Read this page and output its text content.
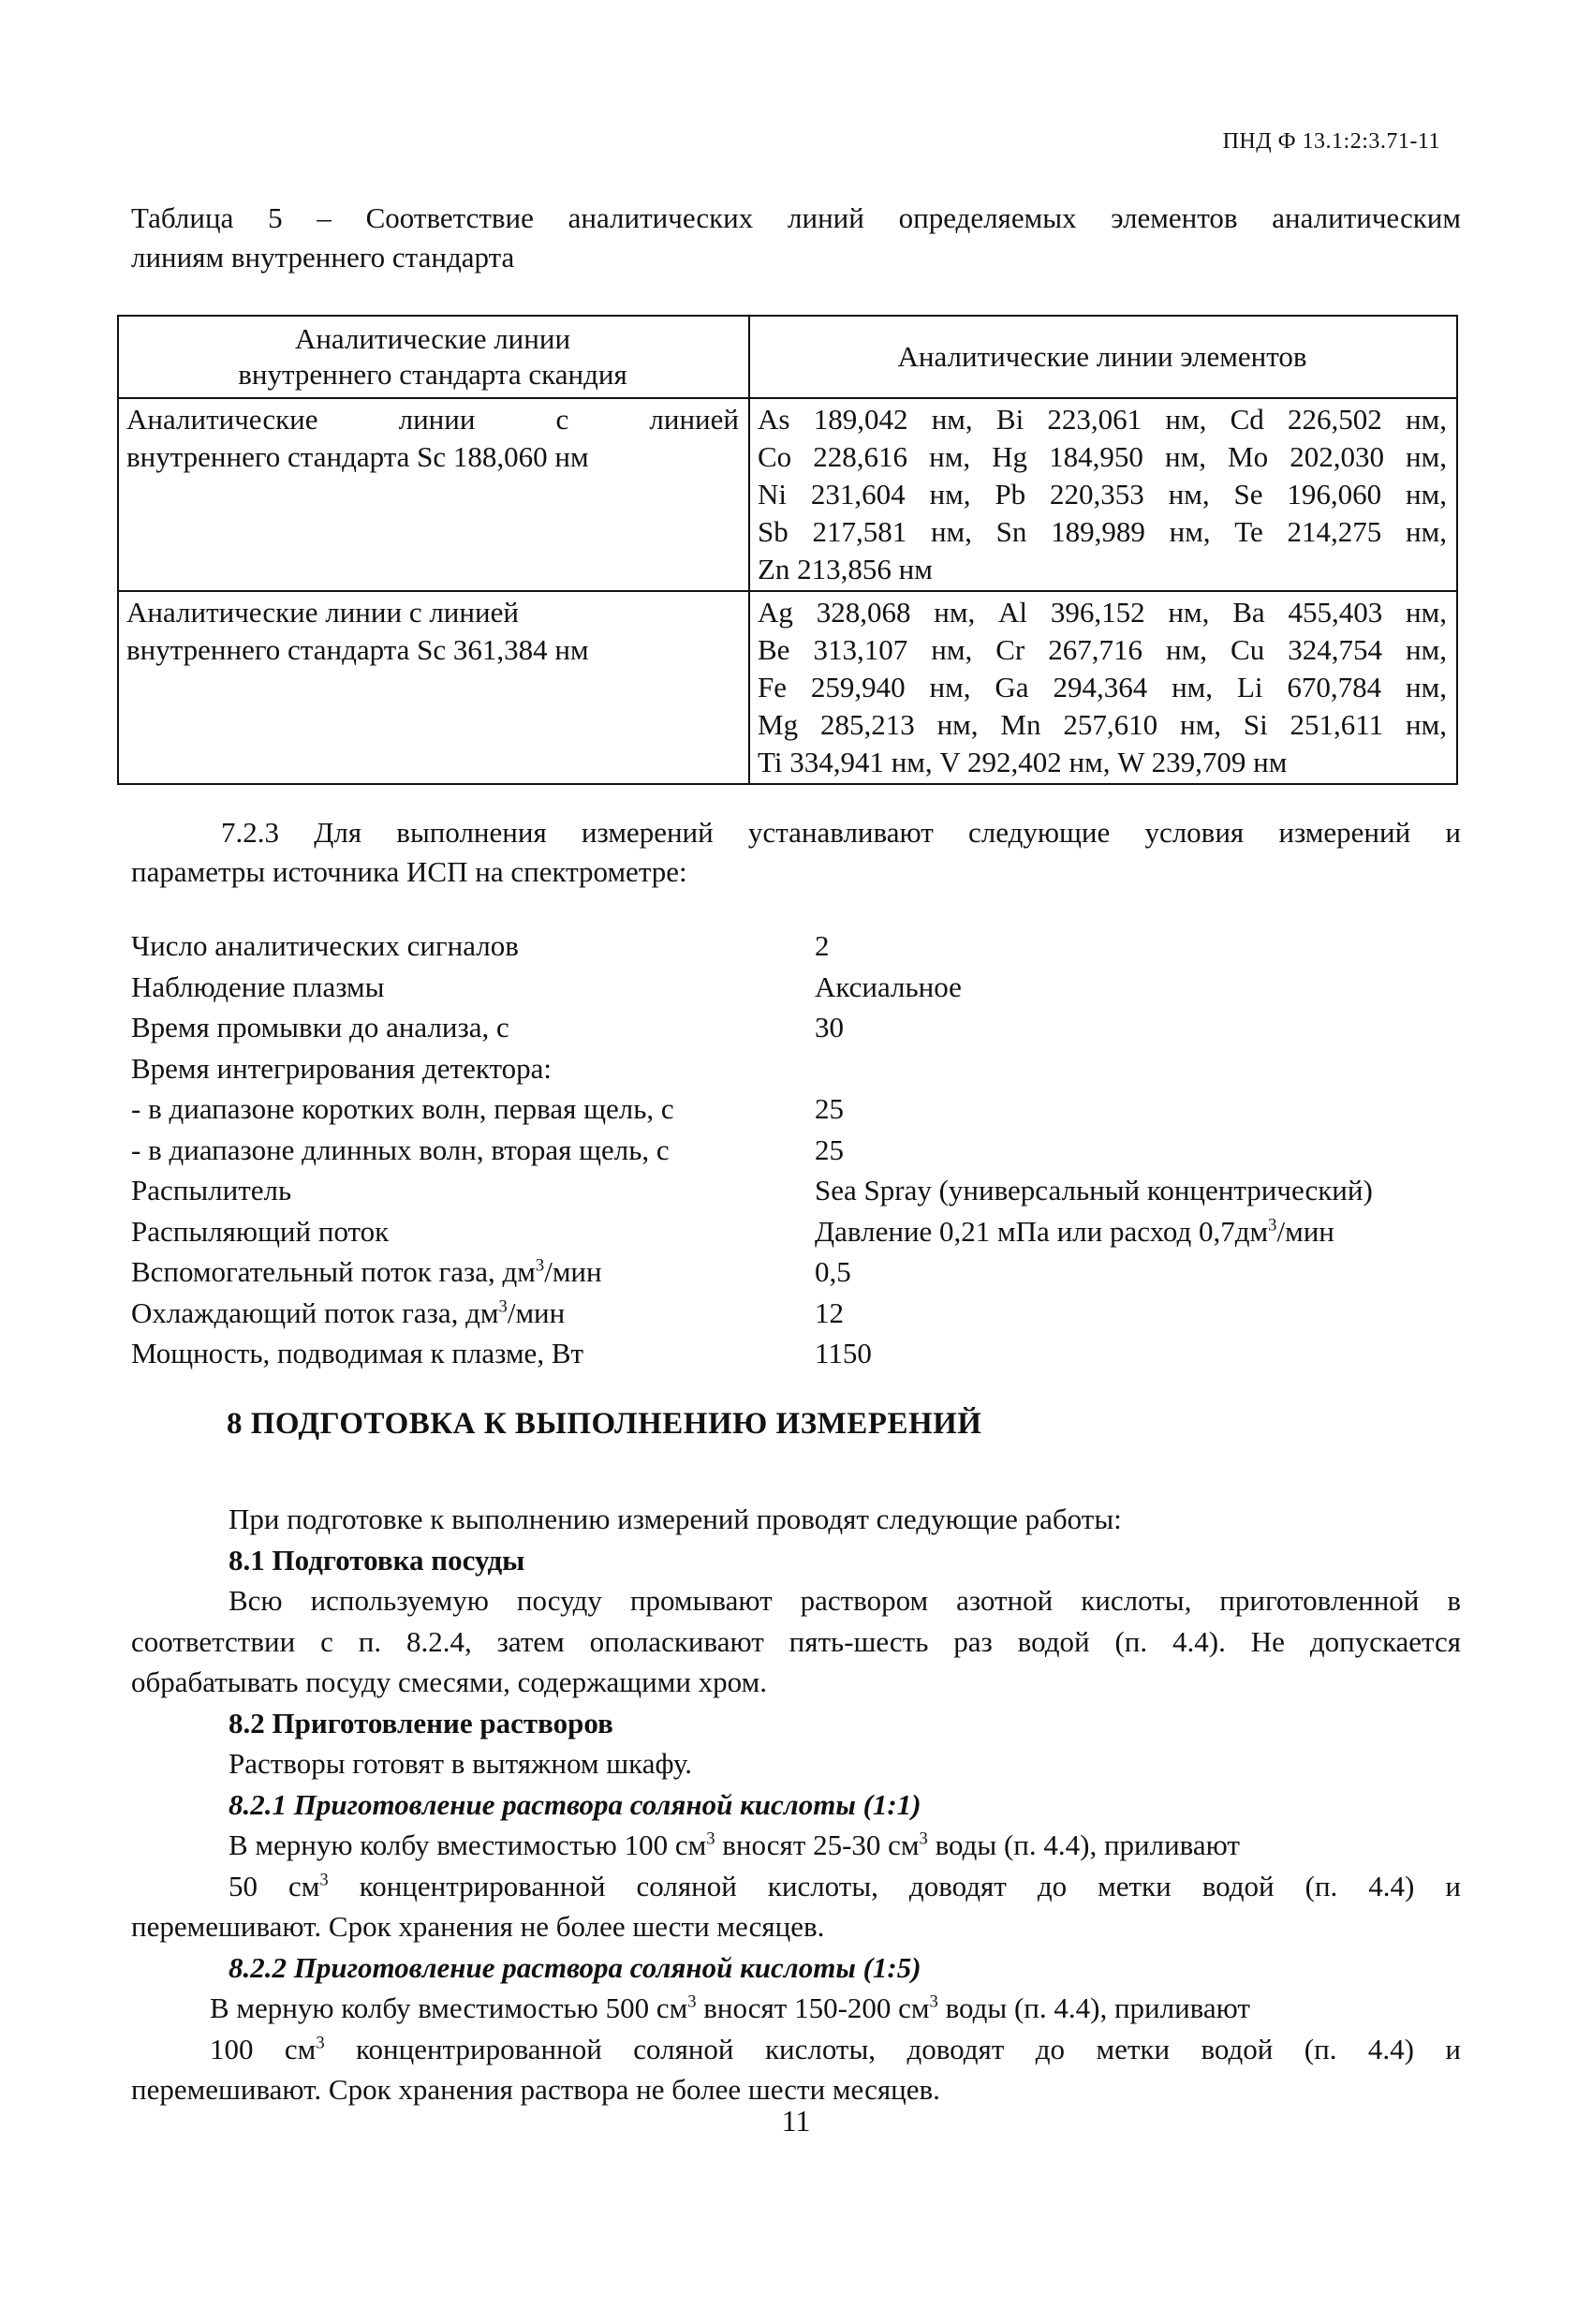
ПНД Ф 13.1:2:3.71-11
Таблица 5 – Соответствие аналитических линий определяемых элементов аналитическим
линиям внутреннего стандарта
Аналитические линии
внутреннего стандарта скандия	Аналитические линии элементов

Аналитические линии с линией
внутреннего стандарта Sc 188,060 нм	As 189,042 нм, Bi 223,061 нм, Cd 226,502 нм,
Co 228,616 нм, Hg 184,950 нм, Mo 202,030 нм,
Ni 231,604 нм, Pb 220,353 нм, Se 196,060 нм,
Sb 217,581 нм, Sn 189,989 нм, Te 214,275 нм,
Zn 213,856 нм

Аналитические линии с линией
внутреннего стандарта Sc 361,384 нм	Ag 328,068 нм, Al 396,152 нм, Ba 455,403 нм,
Be 313,107 нм, Cr 267,716 нм, Cu 324,754 нм,
Fe 259,940 нм, Ga 294,364 нм, Li 670,784 нм,
Mg 285,213 нм, Mn 257,610 нм, Si 251,611 нм,
Ti 334,941 нм, V 292,402 нм, W 239,709 нм
7.2.3 Для выполнения измерений устанавливают следующие условия измерений и
параметры источника ИСП на спектрометре:
Число аналитических сигналов	2
Наблюдение плазмы	Аксиальное
Время промывки до анализа, с	30
Время интегрирования детектора:
- в диапазоне коротких волн, первая щель, с	25
- в диапазоне длинных волн, вторая щель, с	25
Распылитель	Sea Spray (универсальный концентрический)
Распыляющий поток	Давление 0,21 мПа или расход $0,7дм^3$/мин
Вспомогательный поток газа, $дм^3$/мин	0,5
Охлаждающий поток газа, $дм^3$/мин	12
Мощность, подводимая к плазме, Вт	1150
8 ПОДГОТОВКА К ВЫПОЛНЕНИЮ ИЗМЕРЕНИЙ
При подготовке к выполнению измерений проводят следующие работы:
8.1 Подготовка посуды
Всю используемую посуду промывают раствором азотной кислоты, приготовленной в
соответствии с п. 8.2.4, затем ополаскивают пять-шесть раз водой (п. 4.4). Не допускается
обрабатывать посуду смесями, содержащими хром.
8.2 Приготовление растворов
Растворы готовят в вытяжном шкафу.
8.2.1 Приготовление раствора соляной кислоты (1:1)
В мерную колбу вместимостью 100 $см^3$ вносят 25-30 $см^3$ воды (п. 4.4), приливают
50 $см^3$ концентрированной соляной кислоты, доводят до метки водой (п. 4.4) и
перемешивают. Срок хранения не более шести месяцев.
8.2.2 Приготовление раствора соляной кислоты (1:5)
В мерную колбу вместимостью 500 $см^3$ вносят 150-200 $см^3$ воды (п. 4.4), приливают
100 $см^3$ концентрированной соляной кислоты, доводят до метки водой (п. 4.4) и
перемешивают. Срок хранения раствора не более шести месяцев.
11
